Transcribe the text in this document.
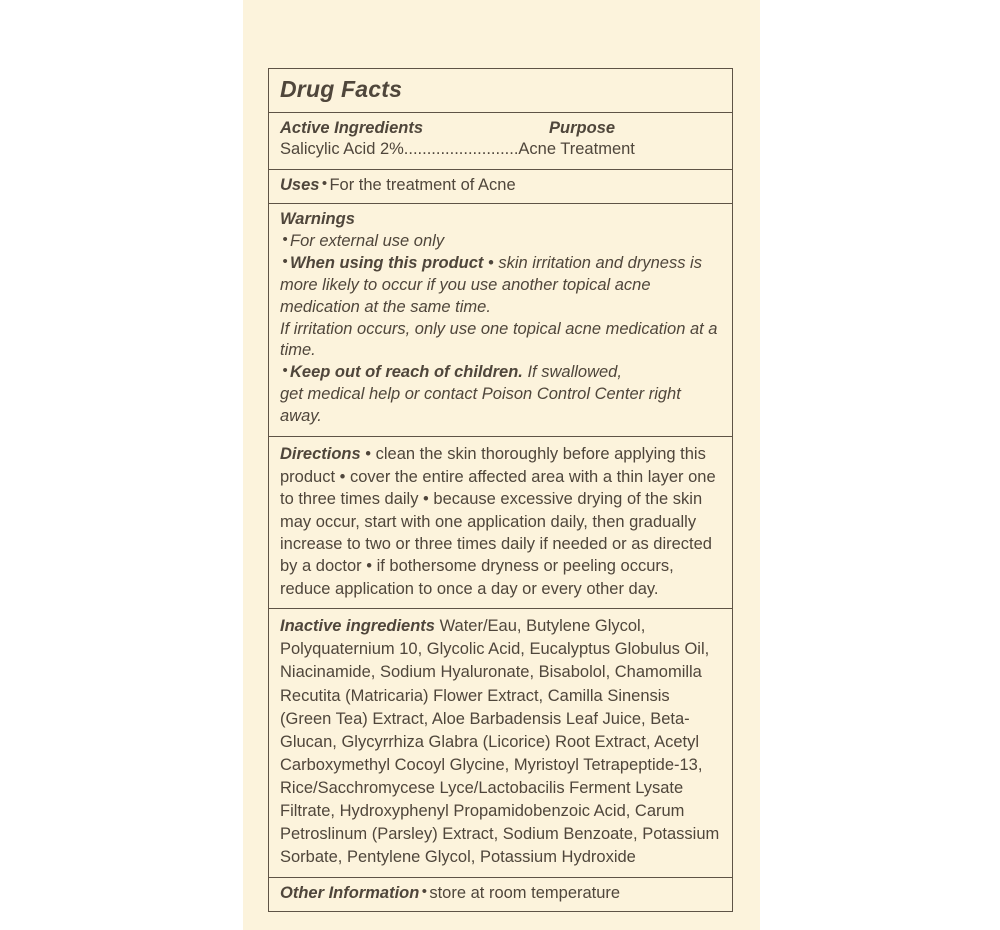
Drug Facts
Active Ingredients	Purpose
Salicylic Acid 2%.........................Acne Treatment
Uses • For the treatment of Acne
Warnings

• For external use only

• When using this product • skin irritation and dryness is more likely to occur if you use another topical acne medication at the same time.

If irritation occurs, only use one topical acne medication at a time.

• Keep out of reach of children. If swallowed,

get medical help or contact Poison Control Center right away.

Directions • clean the skin thoroughly before applying this product • cover the entire affected area with a thin layer one to three times daily • because excessive drying of the skin may occur, start with one application daily, then gradually increase to two or three times daily if needed or as directed by a doctor • if bothersome dryness or peeling occurs, reduce application to once a day or every other day.
Inactive ingredients Water/Eau, Butylene Glycol, Polyquaternium 10, Glycolic Acid, Eucalyptus Globulus Oil, Niacinamide, Sodium Hyaluronate, Bisabolol, Chamomilla Recutita (Matricaria) Flower Extract, Camilla Sinensis (Green Tea) Extract, Aloe Barbadensis Leaf Juice, Beta-Glucan, Glycyrrhiza Glabra (Licorice) Root Extract, Acetyl Carboxymethyl Cocoyl Glycine, Myristoyl Tetrapeptide-13, Rice/Sacchromycese Lyce/Lactobacilis Ferment Lysate Filtrate, Hydroxyphenyl Propamidobenzoic Acid, Carum Petroslinum (Parsley) Extract, Sodium Benzoate, Potassium Sorbate, Pentylene Glycol, Potassium Hydroxide
Other Information • store at room temperature
